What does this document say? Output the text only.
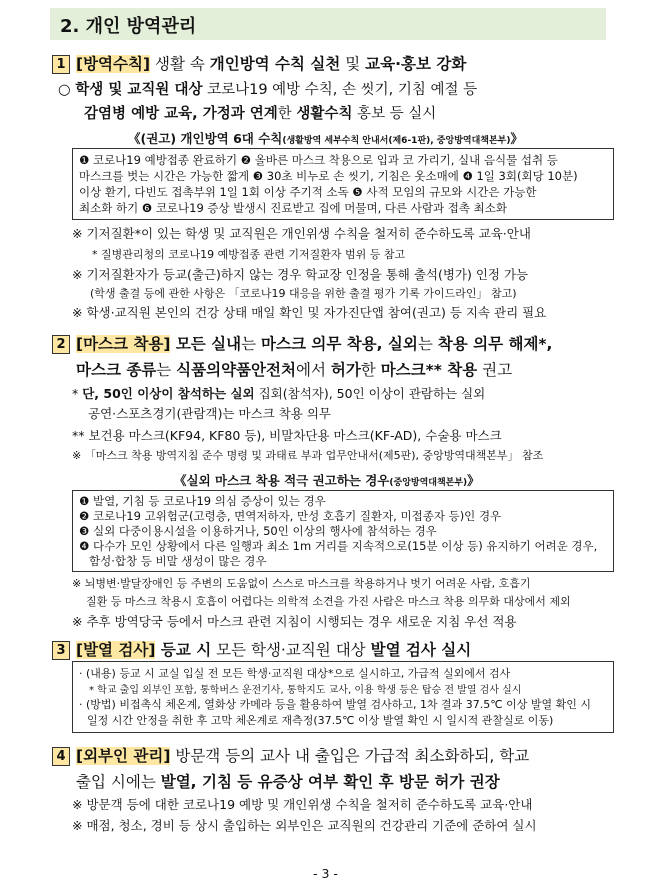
2. 개인 방역관리
1 [방역수칙] 생활 속 개인방역 수칙 실천 및 교육·홍보 강화
○ 학생 및 교직원 대상 코로나19 예방 수칙, 손 씻기, 기침 예절 등
감염병 예방 교육, 가정과 연계한 생활수칙 홍보 등 실시
《(권고) 개인방역 6대 수칙(생활방역 세부수칙 안내서(제6-1판), 중앙방역대책본부)》
❶ 코로나19 예방접종 완료하기 ❷ 올바른 마스크 착용으로 입과 코 가리기, 실내 음식물 섭취 등
마스크를 벗는 시간은 가능한 짧게 ❸ 30초 비누로 손 씻기, 기침은 옷소매에 ❹ 1일 3회(회당 10분)
이상 환기, 다빈도 접촉부위 1일 1회 이상 주기적 소독 ❺ 사적 모임의 규모와 시간은 가능한
최소화 하기 ❻ 코로나19 증상 발생시 진료받고 집에 머물며, 다른 사람과 접촉 최소화
※ 기저질환*이 있는 학생 및 교직원은 개인위생 수칙을 철저히 준수하도록 교육·안내
* 질병관리청의 코로나19 예방접종 관련 기저질환자 범위 등 참고
※ 기저질환자가 등교(출근)하지 않는 경우 학교장 인정을 통해 출석(병가) 인정 가능
(학생 출결 등에 관한 사항은 「코로나19 대응을 위한 출결 평가 기록 가이드라인」 참고)
※ 학생·교직원 본인의 건강 상태 매일 확인 및 자가진단앱 참여(권고) 등 지속 관리 필요
2 [마스크 착용] 모든 실내는 마스크 의무 착용, 실외는 착용 의무 해제*,
마스크 종류는 식품의약품안전처에서 허가한 마스크** 착용 권고
* 단, 50인 이상이 참석하는 실외 집회(참석자), 50인 이상이 관람하는 실외
공연·스포츠경기(관람객)는 마스크 착용 의무
** 보건용 마스크(KF94, KF80 등), 비말차단용 마스크(KF-AD), 수술용 마스크
※ 「마스크 착용 방역지침 준수 명령 및 과태료 부과 업무안내서(제5판), 중앙방역대책본부」 참조
《실외 마스크 착용 적극 권고하는 경우(중앙방역대책본부)》
❶ 발열, 기침 등 코로나19 의심 증상이 있는 경우
❷ 코로나19 고위험군(고령층, 면역저하자, 만성 호흡기 질환자, 미접종자 등)인 경우
❸ 실외 다중이용시설을 이용하거나, 50인 이상의 행사에 참석하는 경우
❹ 다수가 모인 상황에서 다른 일행과 최소 1m 거리를 지속적으로(15분 이상 등) 유지하기 어려운 경우,
함성·합창 등 비말 생성이 많은 경우
※ 뇌병변·발달장애인 등 주변의 도움없이 스스로 마스크를 착용하거나 벗기 어려운 사람, 호흡기
질환 등 마스크 착용시 호흡이 어렵다는 의학적 소견을 가진 사람은 마스크 착용 의무화 대상에서 제외
※ 추후 방역당국 등에서 마스크 관련 지침이 시행되는 경우 새로운 지침 우선 적용
3 [발열 검사] 등교 시 모든 학생·교직원 대상 발열 검사 실시
· (내용) 등교 시 교실 입실 전 모든 학생·교직원 대상*으로 실시하고, 가급적 실외에서 검사
* 학교 출입 외부인 포함, 통학버스 운전기사, 통학지도 교사, 이용 학생 등은 탑승 전 발열 검사 실시
· (방법) 비접촉식 체온계, 열화상 카메라 등을 활용하여 발열 검사하고, 1차 결과 37.5℃ 이상 발열 확인 시
일정 시간 안정을 취한 후 고막 체온계로 재측정(37.5℃ 이상 발열 확인 시 일시적 관찰실로 이동)
4 [외부인 관리] 방문객 등의 교사 내 출입은 가급적 최소화하되, 학교
출입 시에는 발열, 기침 등 유증상 여부 확인 후 방문 허가 권장
※ 방문객 등에 대한 코로나19 예방 및 개인위생 수칙을 철저히 준수하도록 교육·안내
※ 매점, 청소, 경비 등 상시 출입하는 외부인은 교직원의 건강관리 기준에 준하여 실시
- 3 -
